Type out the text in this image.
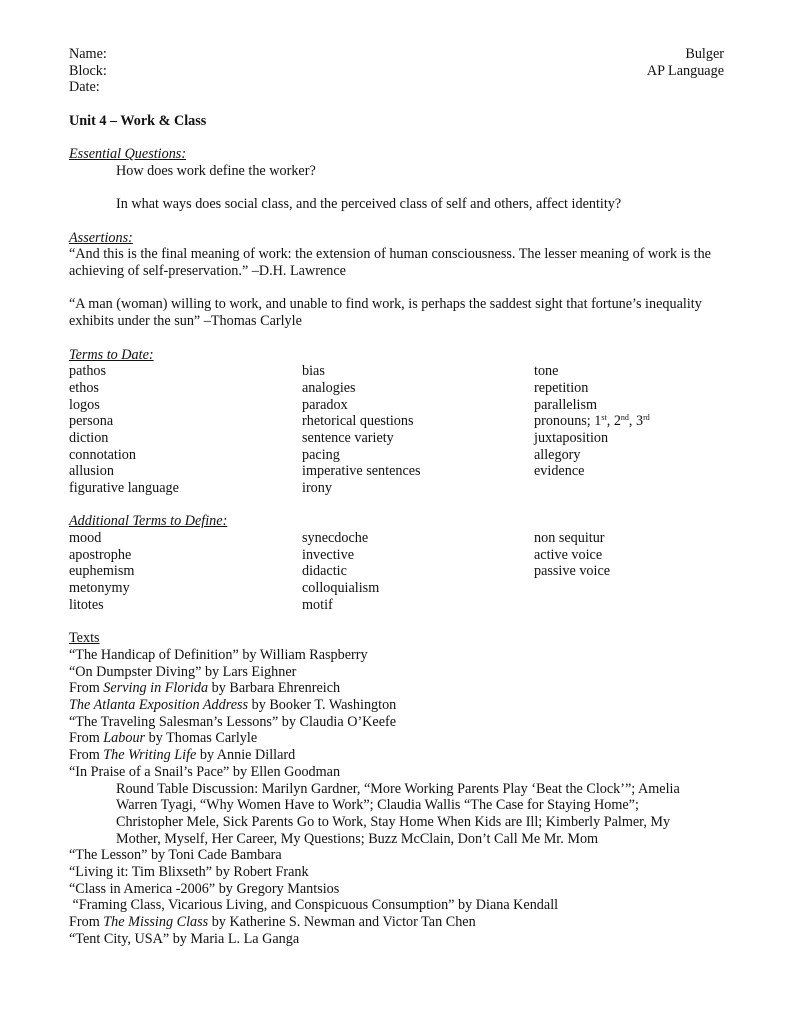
Name:	Bulger
Block:	AP Language
Date:
Unit 4 – Work & Class
Essential Questions:
How does work define the worker?
In what ways does social class, and the perceived class of self and others, affect identity?
Assertions:

“And this is the final meaning of work: the extension of human consciousness. The lesser meaning of work is the achieving of self-preservation.” –D.H. Lawrence

“A man (woman) willing to work, and unable to find work, is perhaps the saddest sight that fortune’s inequality exhibits under the sun” –Thomas Carlyle

Terms to Date:
pathos	bias	tone
ethos	analogies	repetition
logos	paradox	parallelism
persona	rhetorical questions	pronouns; 1st, 2nd, 3rd
diction	sentence variety	juxtaposition
connotation	pacing	allegory
allusion	imperative sentences	evidence
figurative language	irony
Additional Terms to Define:
mood	synecdoche	non sequitur
apostrophe	invective	active voice
euphemism	didactic	passive voice
metonymy	colloquialism
litotes	motif
Texts
“The Handicap of Definition” by William Raspberry
“On Dumpster Diving” by Lars Eighner
From Serving in Florida by Barbara Ehrenreich
The Atlanta Exposition Address by Booker T. Washington
“The Traveling Salesman’s Lessons” by Claudia O’Keefe
From Labour by Thomas Carlyle
From The Writing Life by Annie Dillard
“In Praise of a Snail’s Pace” by Ellen Goodman
Round Table Discussion: Marilyn Gardner, “More Working Parents Play ‘Beat the Clock’”; Amelia
Warren Tyagi, “Why Women Have to Work”; Claudia Wallis “The Case for Staying Home”;
Christopher Mele, Sick Parents Go to Work, Stay Home When Kids are Ill; Kimberly Palmer, My
Mother, Myself, Her Career, My Questions; Buzz McClain, Don’t Call Me Mr. Mom
“The Lesson” by Toni Cade Bambara
“Living it: Tim Blixseth” by Robert Frank
“Class in America -2006” by Gregory Mantsios
“Framing Class, Vicarious Living, and Conspicuous Consumption” by Diana Kendall
From The Missing Class by Katherine S. Newman and Victor Tan Chen
“Tent City, USA” by Maria L. La Ganga
